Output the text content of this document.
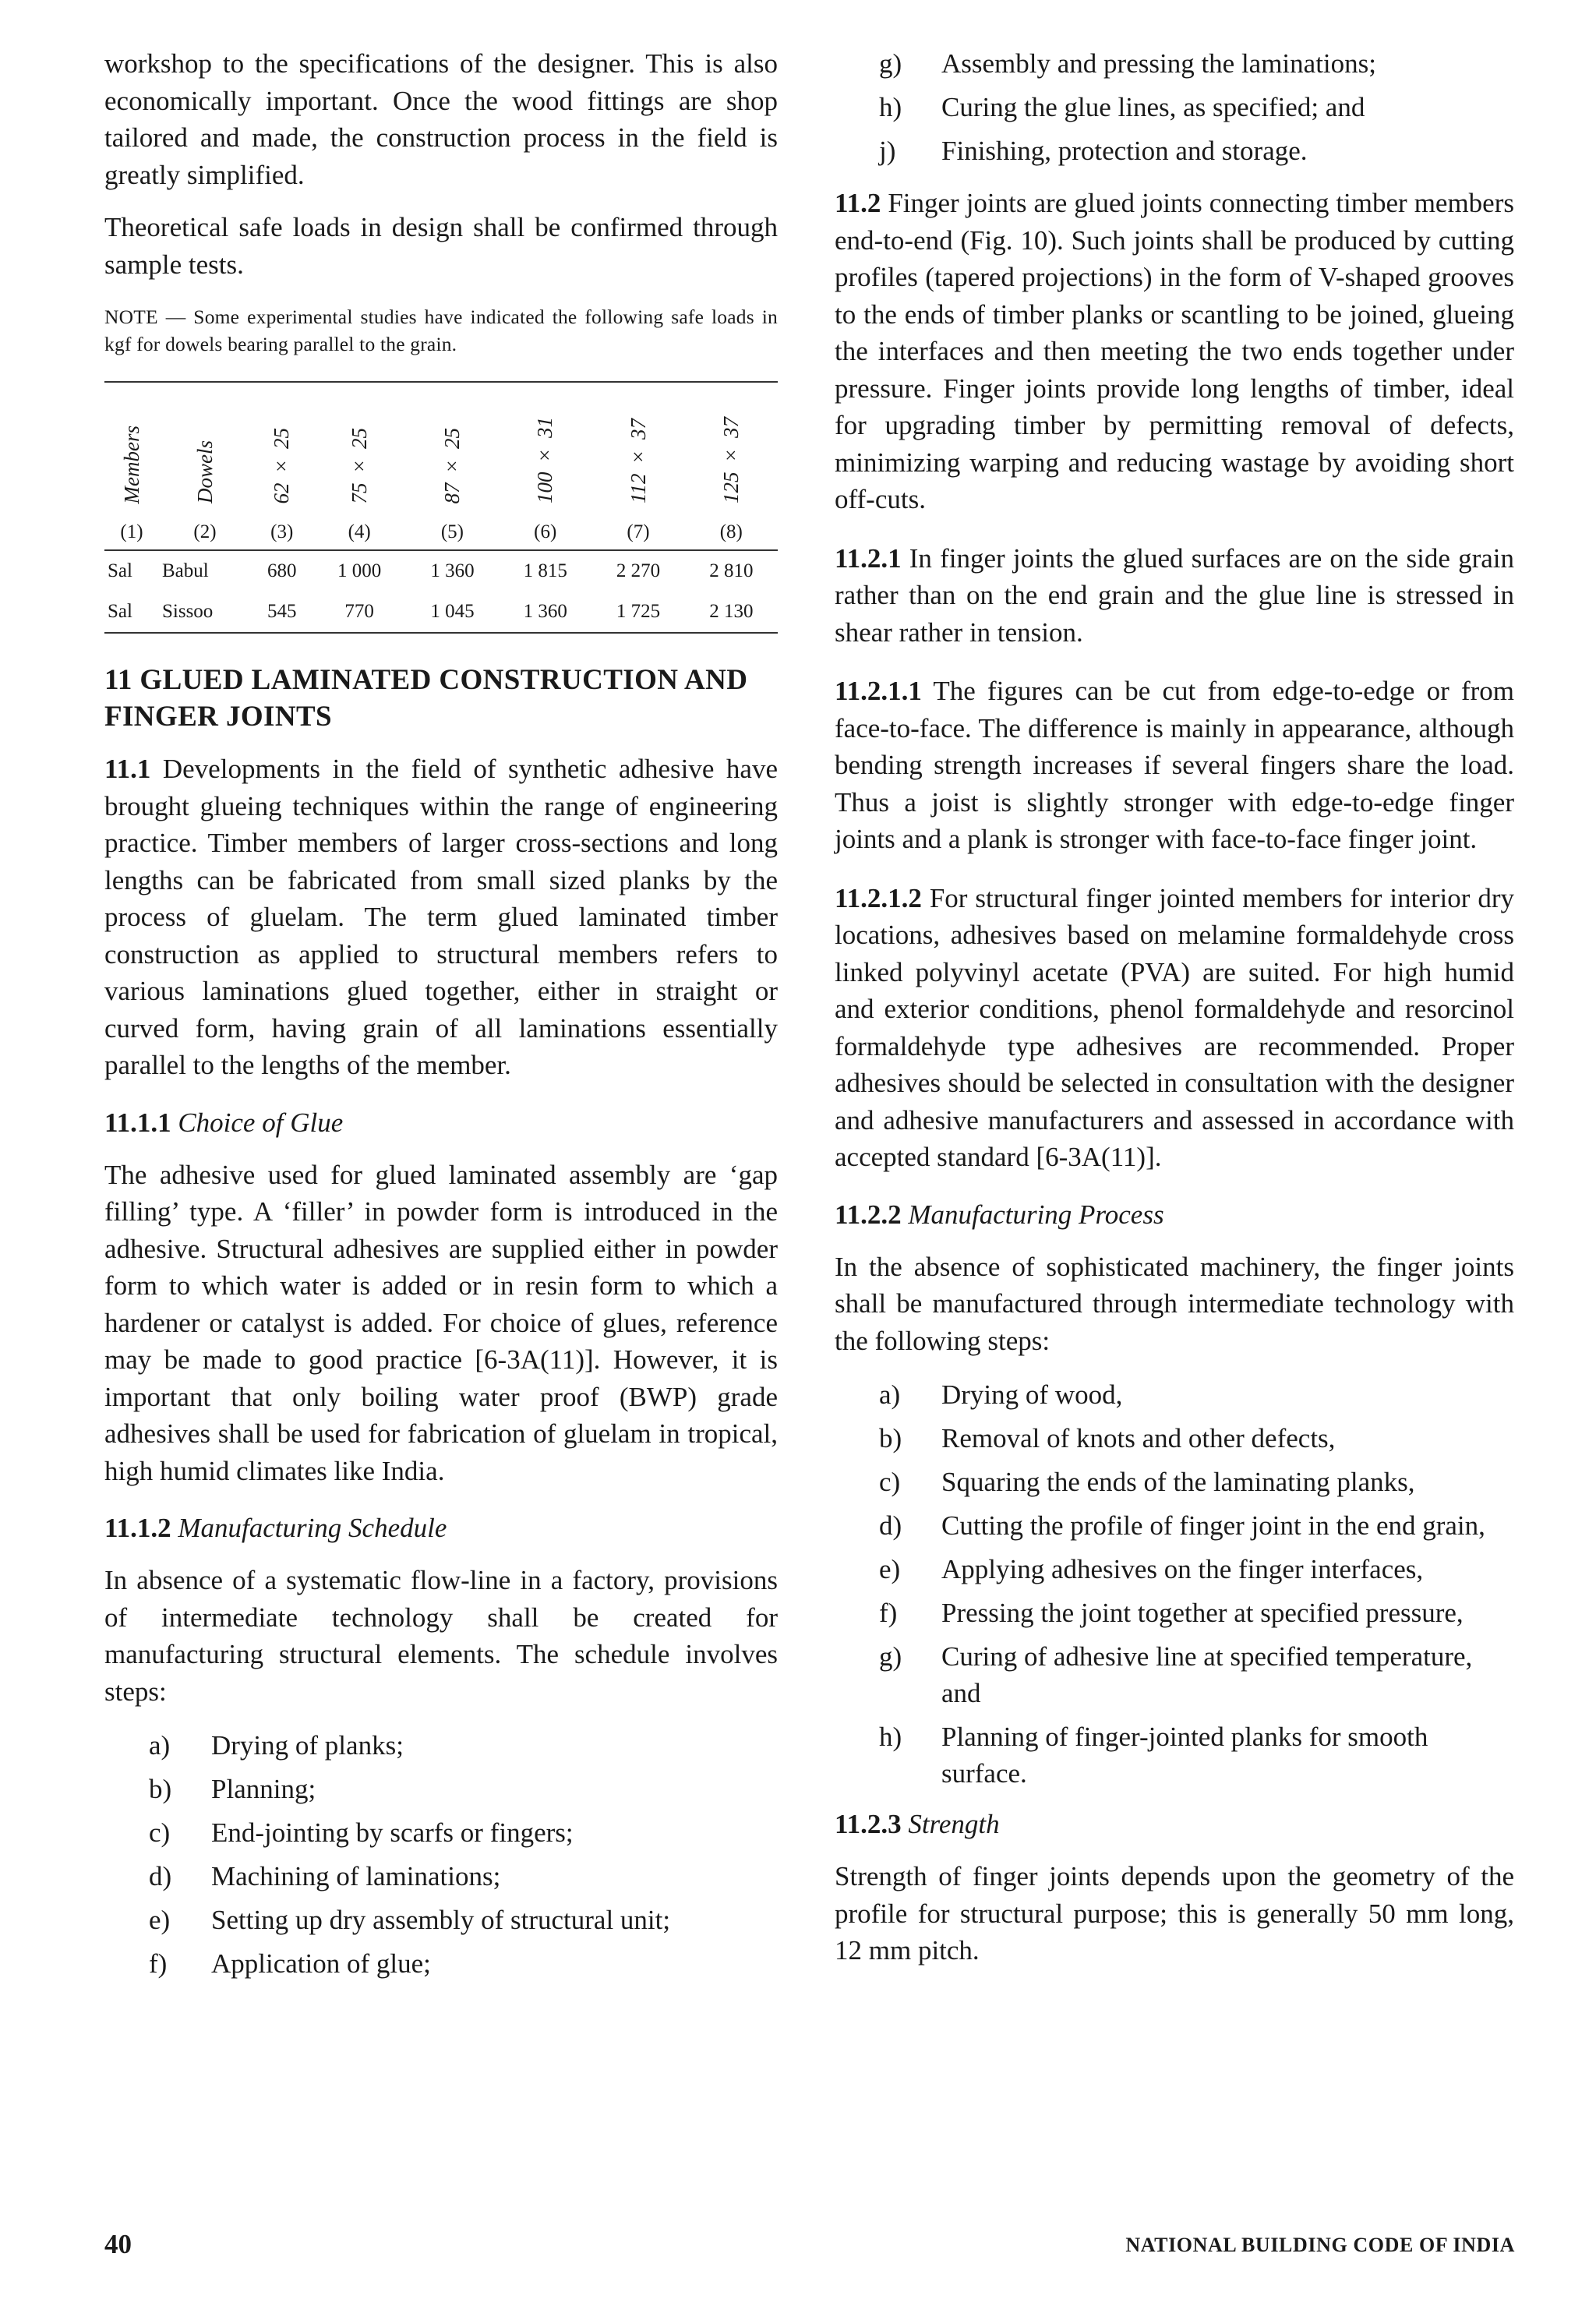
workshop to the specifications of the designer. This is also economically important. Once the wood fittings are shop tailored and made, the construction process in the field is greatly simplified.

Theoretical safe loads in design shall be confirmed through sample tests.

NOTE — Some experimental studies have indicated the following safe loads in kgf for dowels bearing parallel to the grain.

Members	Dowels	62 × 25	75 × 25	87 × 25	100 × 31	112 × 37	125 × 37
(1)	(2)	(3)	(4)	(5)	(6)	(7)	(8)
Sal	Babul	680	1 000	1 360	1 815	2 270	2 810
Sal	Sissoo	545	770	1 045	1 360	1 725	2 130
11 GLUED LAMINATED CONSTRUCTION AND FINGER JOINTS

11.1 Developments in the field of synthetic adhesive have brought glueing techniques within the range of engineering practice. Timber members of larger cross-sections and long lengths can be fabricated from small sized planks by the process of gluelam. The term glued laminated timber construction as applied to structural members refers to various laminations glued together, either in straight or curved form, having grain of all laminations essentially parallel to the lengths of the member.

11.1.1 Choice of Glue

The adhesive used for glued laminated assembly are ‘gap filling’ type. A ‘filler’ in powder form is introduced in the adhesive. Structural adhesives are supplied either in powder form to which water is added or in resin form to which a hardener or catalyst is added. For choice of glues, reference may be made to good practice [6-3A(11)]. However, it is important that only boiling water proof (BWP) grade adhesives shall be used for fabrication of gluelam in tropical, high humid climates like India.

11.1.2 Manufacturing Schedule

In absence of a systematic flow-line in a factory, provisions of intermediate technology shall be created for manufacturing structural elements. The schedule involves steps:

a) Drying of planks;
b) Planning;
c) End-jointing by scarfs or fingers;
d) Machining of laminations;
e) Setting up dry assembly of structural unit;
f) Application of glue;
g) Assembly and pressing the laminations;
h) Curing the glue lines, as specified; and
j) Finishing, protection and storage.

11.2 Finger joints are glued joints connecting timber members end-to-end (Fig. 10). Such joints shall be produced by cutting profiles (tapered projections) in the form of V-shaped grooves to the ends of timber planks or scantling to be joined, glueing the interfaces and then meeting the two ends together under pressure. Finger joints provide long lengths of timber, ideal for upgrading timber by permitting removal of defects, minimizing warping and reducing wastage by avoiding short off-cuts.

11.2.1 In finger joints the glued surfaces are on the side grain rather than on the end grain and the glue line is stressed in shear rather in tension.

11.2.1.1 The figures can be cut from edge-to-edge or from face-to-face. The difference is mainly in appearance, although bending strength increases if several fingers share the load. Thus a joist is slightly stronger with edge-to-edge finger joints and a plank is stronger with face-to-face finger joint.

11.2.1.2 For structural finger jointed members for interior dry locations, adhesives based on melamine formaldehyde cross linked polyvinyl acetate (PVA) are suited. For high humid and exterior conditions, phenol formaldehyde and resorcinol formaldehyde type adhesives are recommended. Proper adhesives should be selected in consultation with the designer and adhesive manufacturers and assessed in accordance with accepted standard [6-3A(11)].

11.2.2 Manufacturing Process

In the absence of sophisticated machinery, the finger joints shall be manufactured through intermediate technology with the following steps:

a) Drying of wood,
b) Removal of knots and other defects,
c) Squaring the ends of the laminating planks,
d) Cutting the profile of finger joint in the end grain,
e) Applying adhesives on the finger interfaces,
f) Pressing the joint together at specified pressure,
g) Curing of adhesive line at specified temperature, and
h) Planning of finger-jointed planks for smooth surface.
11.2.3 Strength

Strength of finger joints depends upon the geometry of the profile for structural purpose; this is generally 50 mm long, 12 mm pitch.

40	NATIONAL BUILDING CODE OF INDIA
